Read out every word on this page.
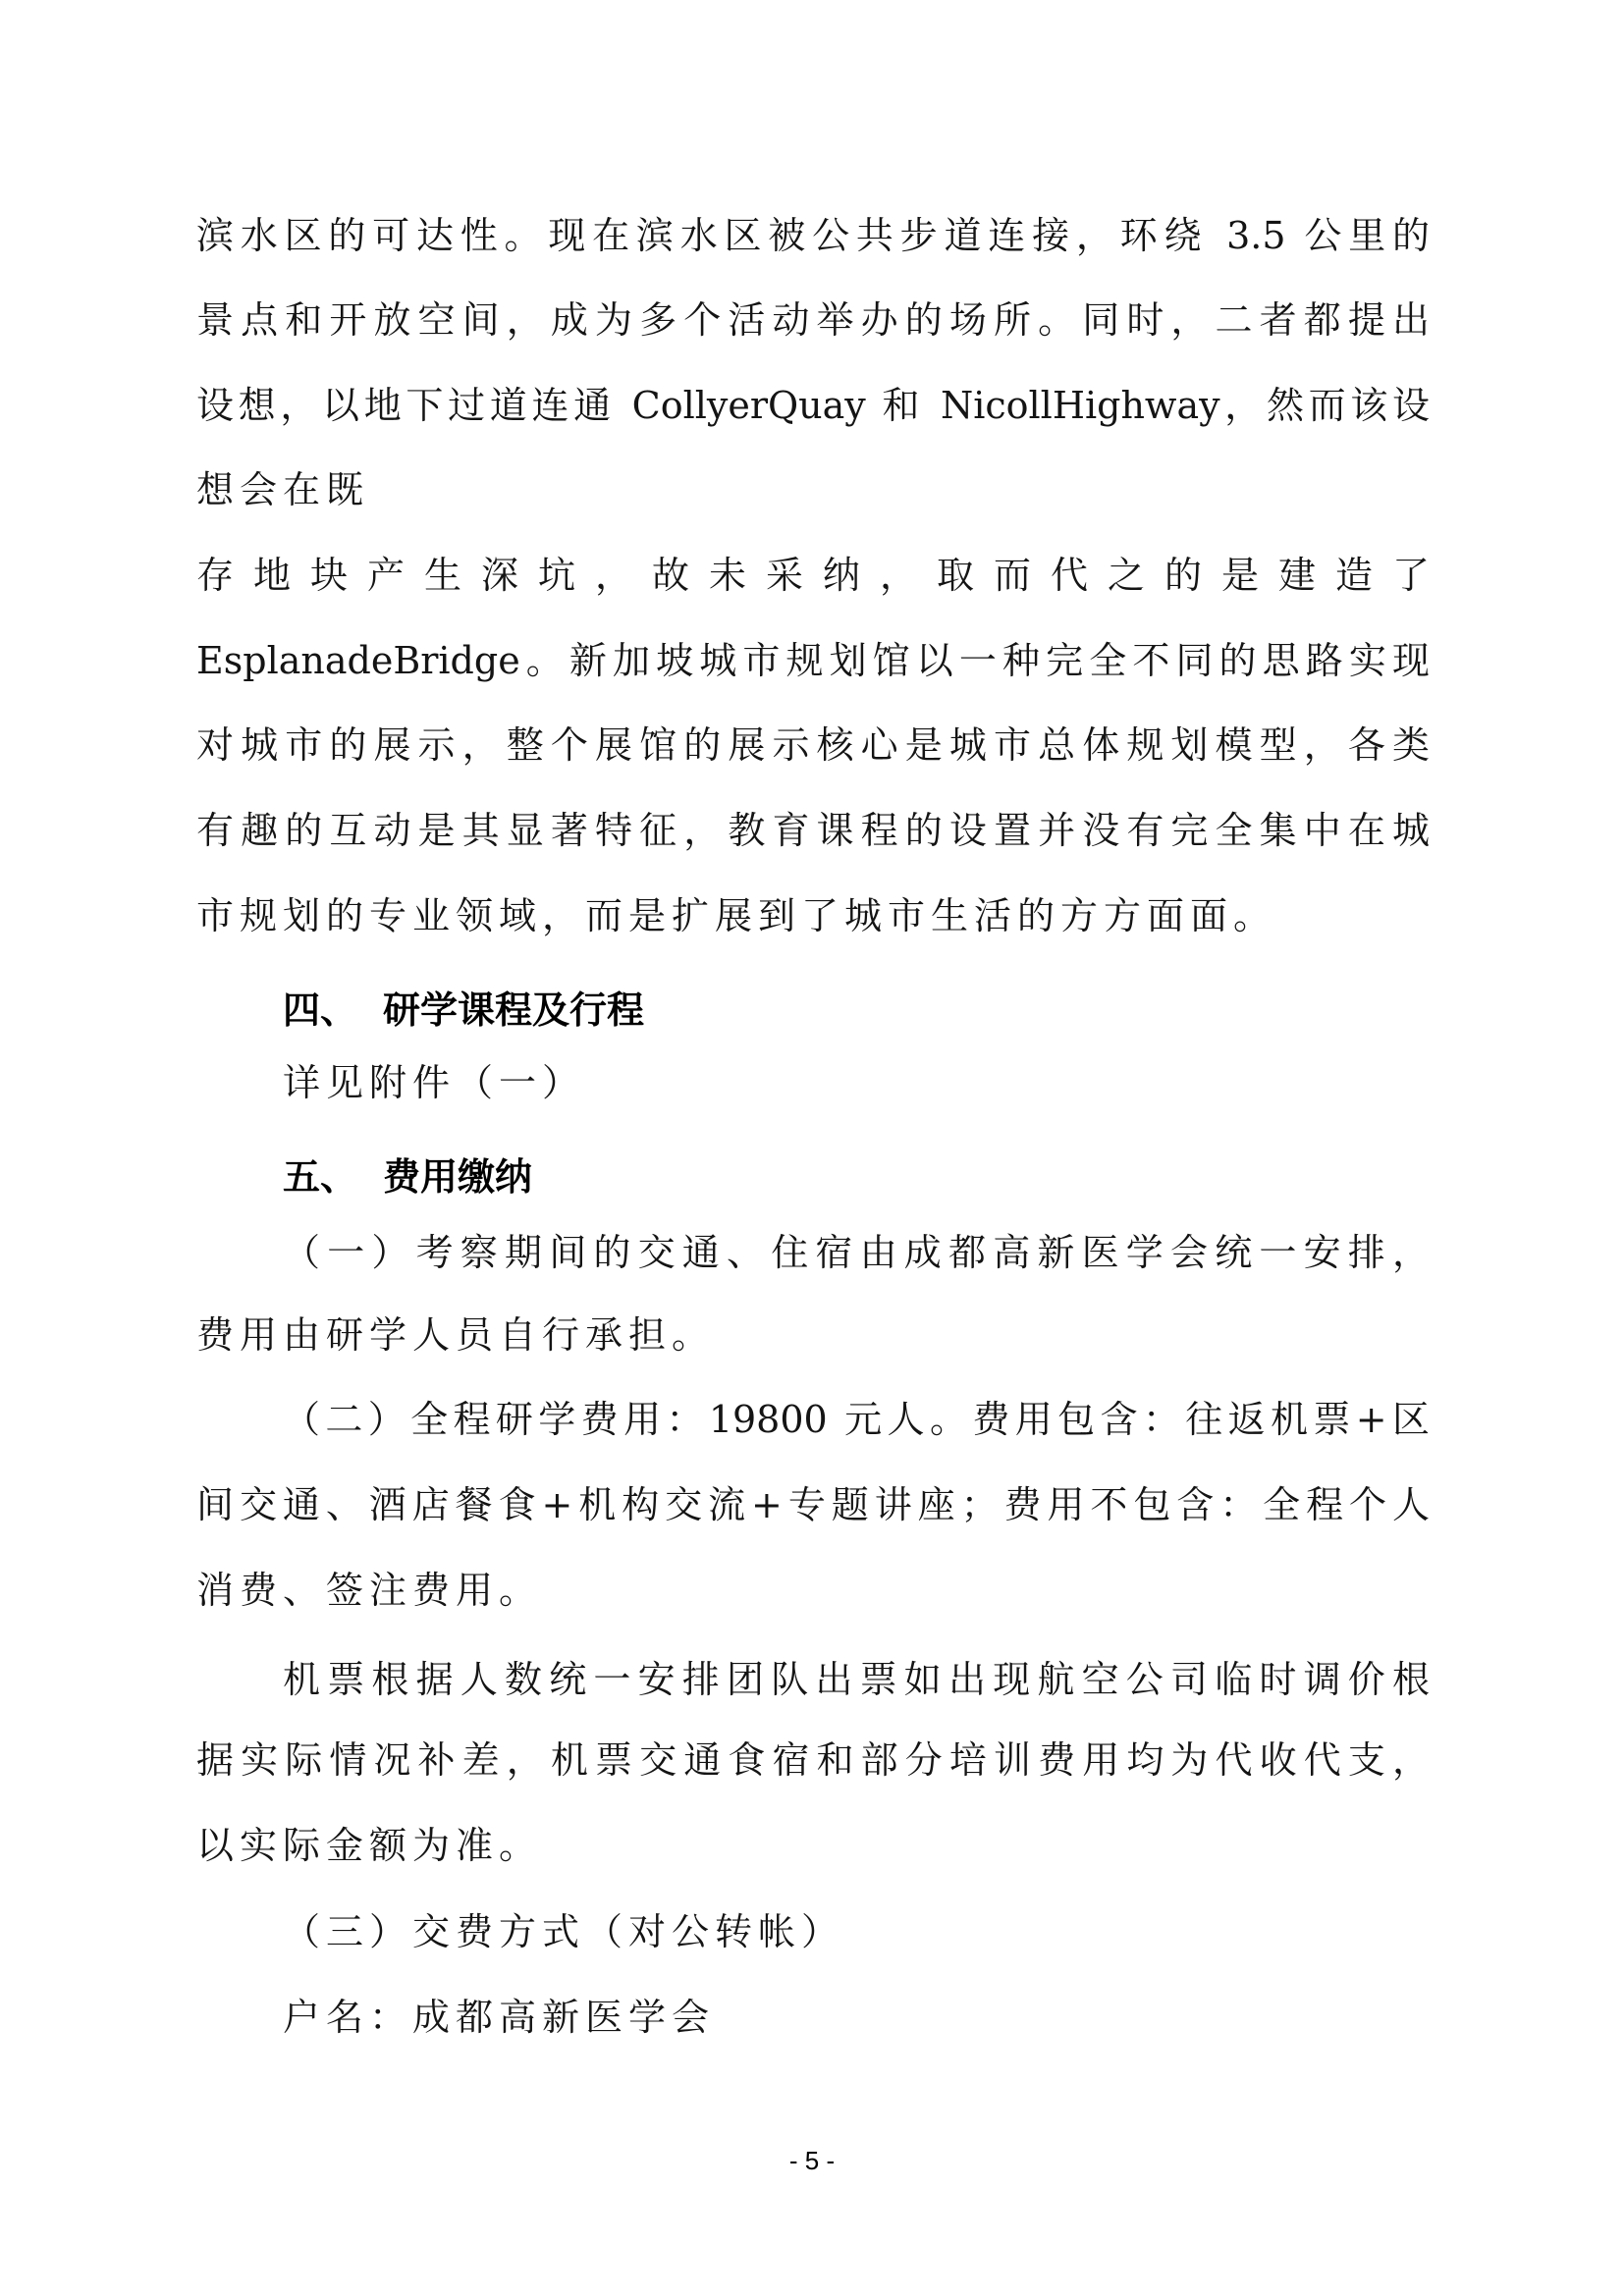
滨水区的可达性。现在滨水区被公共步道连接，环绕 3.5 公里的
景点和开放空间，成为多个活动举办的场所。同时，二者都提出
设想，以地下过道连通 CollyerQuay 和 NicollHighway，然而该设
想会在既
存地块产生深坑，故未采纳，取而代之的是建造了
EsplanadeBridge。新加坡城市规划馆以一种完全不同的思路实现
对城市的展示，整个展馆的展示核心是城市总体规划模型，各类
有趣的互动是其显著特征，教育课程的设置并没有完全集中在城
市规划的专业领域，而是扩展到了城市生活的方方面面。
四、 研学课程及行程
详见附件（一）
五、 费用缴纳
（一）考察期间的交通、住宿由成都高新医学会统一安排，
费用由研学人员自行承担。
（二）全程研学费用：19800 元人。费用包含：往返机票+区
间交通、酒店餐食+机构交流+专题讲座；费用不包含：全程个人
消费、签注费用。
机票根据人数统一安排团队出票如出现航空公司临时调价根
据实际情况补差，机票交通食宿和部分培训费用均为代收代支，
以实际金额为准。
（三）交费方式（对公转帐）
户名：成都高新医学会
- 5 -
